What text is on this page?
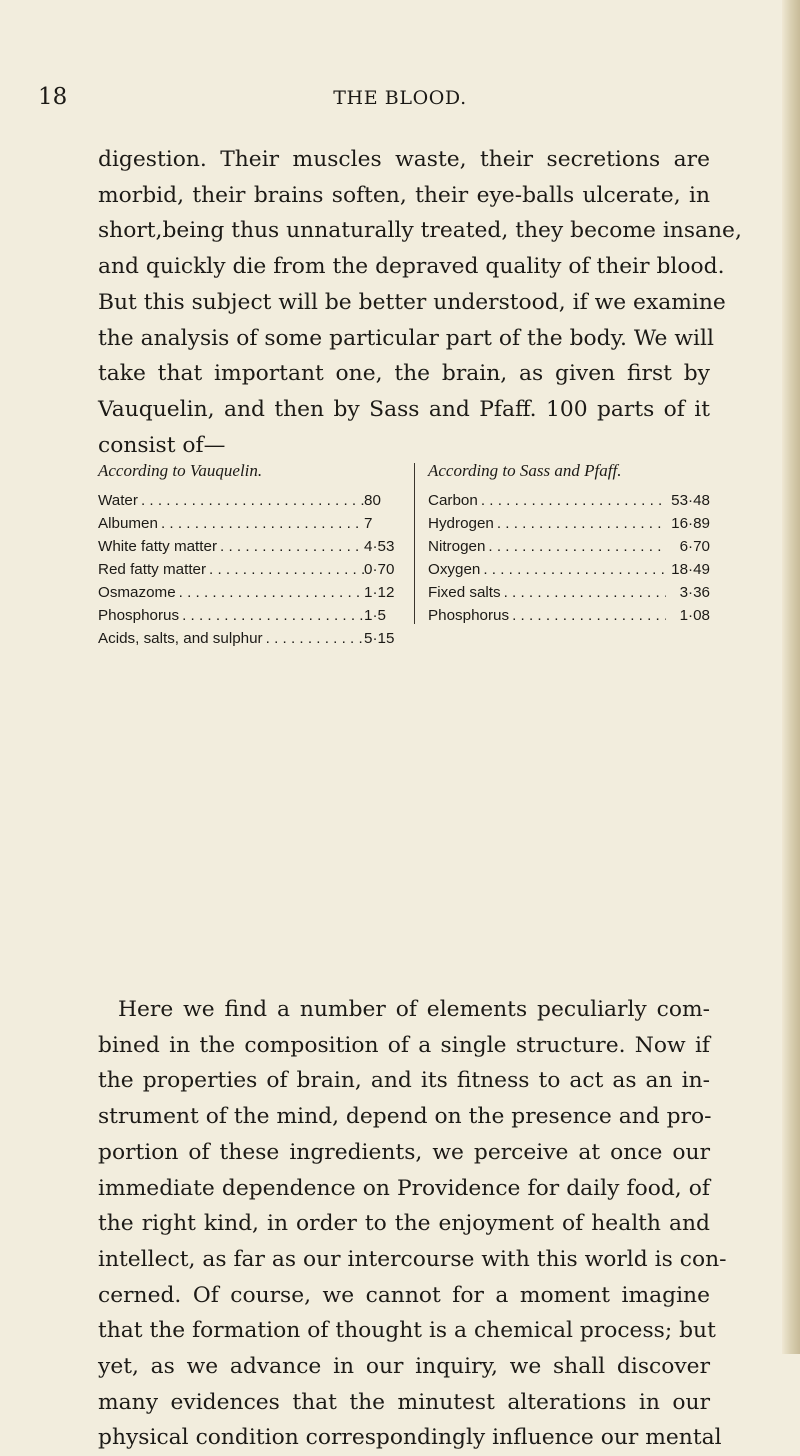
18	THE BLOOD.
digestion. Their muscles waste, their secretions are
morbid, their brains soften, their eye-balls ulcerate, in
short,being thus unnaturally treated, they become insane,
and quickly die from the depraved quality of their blood.
But this subject will be better understood, if we examine
the analysis of some particular part of the body. We will
take that important one, the brain, as given first by
Vauquelin, and then by Sass and Pfaff. 100 parts of it
consist of—
According to Vauquelin.
Water . . .	80
Albumen . . .	7
White fatty matter . . .	4·53
Red fatty matter . . .	0·70
Osmazome . . .	1·12
Phosphorus . . .	1·5
Acids, salts, and sulphur . . .	5·15
According to Sass and Pfaff.
Carbon . . .	53·48
Hydrogen . . .	16·89
Nitrogen . . .	6·70
Oxygen . . .	18·49
Fixed salts . . .	3·36
Phosphorus . . .	1·08
Here we find a number of elements peculiarly com-
bined in the composition of a single structure. Now if
the properties of brain, and its fitness to act as an in-
strument of the mind, depend on the presence and pro-
portion of these ingredients, we perceive at once our
immediate dependence on Providence for daily food, of
the right kind, in order to the enjoyment of health and
intellect, as far as our intercourse with this world is con-
cerned. Of course, we cannot for a moment imagine
that the formation of thought is a chemical process; but
yet, as we advance in our inquiry, we shall discover
many evidences that the minutest alterations in our
physical condition correspondingly influence our mental
